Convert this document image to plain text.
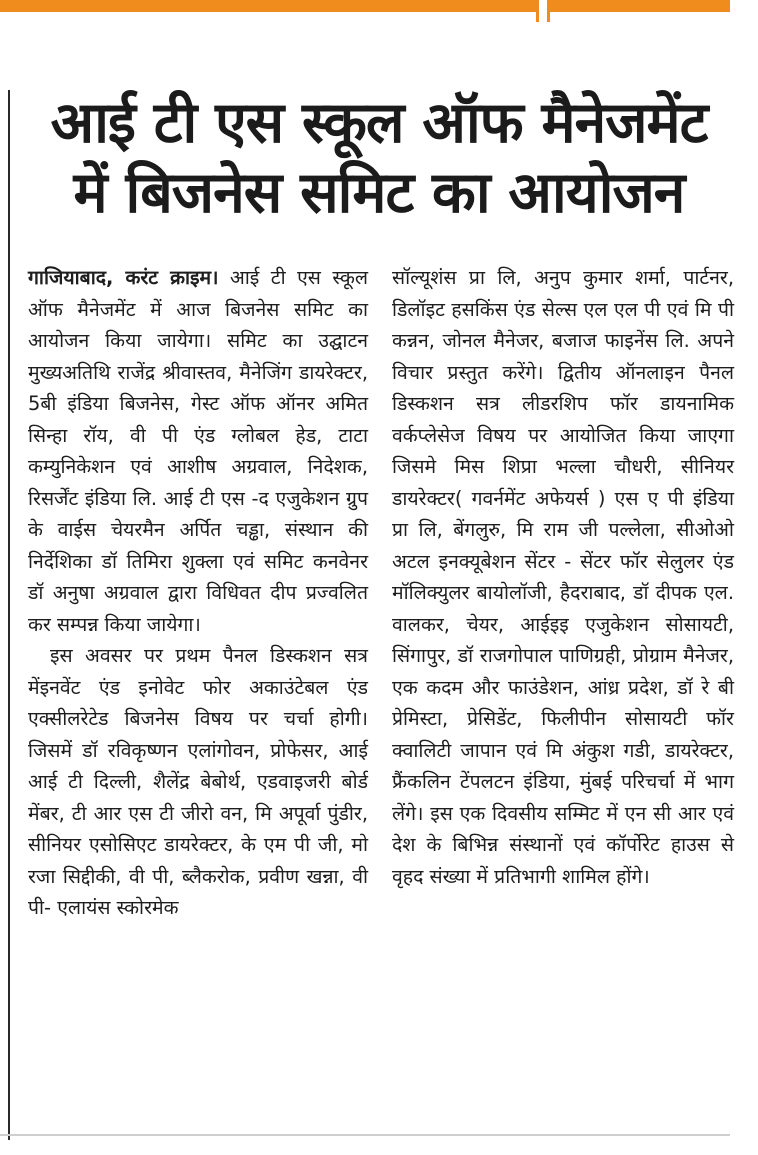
आई टी एस स्कूल ऑफ मैनेजमेंट
में बिजनेस समिट का आयोजन

गाजियाबाद, करंट क्राइम। आई टी एस स्कूल ऑफ मैनेजमेंट में आज बिजनेस समिट का आयोजन किया जायेगा। समिट का उद्घाटन मुख्यअतिथि राजेंद्र श्रीवास्तव, मैनेजिंग डायरेक्टर, 5बी इंडिया बिजनेस, गेस्ट ऑफ ऑनर अमित सिन्हा रॉय, वी पी एंड ग्लोबल हेड, टाटा कम्युनिकेशन एवं आशीष अग्रवाल, निदेशक, रिसर्जेंट इंडिया लि. आई टी एस -द एजुकेशन ग्रुप के वाईस चेयरमैन अर्पित चड्ढा, संस्थान की निर्देशिका डॉ तिमिरा शुक्ला एवं समिट कनवेनर डॉ अनुषा अग्रवाल द्वारा विधिवत दीप प्रज्वलित कर सम्पन्न किया जायेगा।

इस अवसर पर प्रथम पैनल डिस्कशन सत्र मेंइनवेंट एंड इनोवेट फोर अकाउंटेबल एंड एक्सीलरेटेड बिजनेस विषय पर चर्चा होगी। जिसमें डॉ रविकृष्णन एलांगोवन, प्रोफेसर, आई आई टी दिल्ली, शैलेंद्र बेबोर्थ, एडवाइजरी बोर्ड मेंबर, टी आर एस टी जीरो वन, मि अपूर्वा पुंडीर, सीनियर एसोसिएट डायरेक्टर, के एम पी जी, मो रजा सिद्दीकी, वी पी, ब्लैकरोक, प्रवीण खन्ना, वी पी- एलायंस स्कोरमेक

सॉल्यूशंस प्रा लि, अनुप कुमार शर्मा, पार्टनर, डिलॉइट हसकिंस एंड सेल्स एल एल पी एवं मि पी कन्नन, जोनल मैनेजर, बजाज फाइनेंस लि. अपने विचार प्रस्तुत करेंगे। द्वितीय ऑनलाइन पैनल डिस्कशन सत्र लीडरशिप फॉर डायनामिक वर्कप्लेसेज विषय पर आयोजित किया जाएगा जिसमे मिस शिप्रा भल्ला चौधरी, सीनियर डायरेक्टर( गवर्नमेंट अफेयर्स ) एस ए पी इंडिया प्रा लि, बेंगलुरु, मि राम जी पल्लेला, सीओओ अटल इनक्यूबेशन सेंटर - सेंटर फॉर सेलुलर एंड मॉलिक्युलर बायोलॉजी, हैदराबाद, डॉ दीपक एल. वालकर, चेयर, आईइइ एजुकेशन सोसायटी, सिंगापुर, डॉ राजगोपाल पाणिग्रही, प्रोग्राम मैनेजर, एक कदम और फाउंडेशन, आंध्र प्रदेश, डॉ रे बी प्रेमिस्टा, प्रेसिडेंट, फिलीपीन सोसायटी फॉर क्वालिटी जापान एवं मि अंकुश गडी, डायरेक्टर, फ्रैंकलिन टेंपलटन इंडिया, मुंबई परिचर्चा में भाग लेंगे। इस एक दिवसीय सम्मिट में एन सी आर एवं देश के बिभिन्न संस्थानों एवं कॉर्पोरेट हाउस से वृहद संख्या में प्रतिभागी शामिल होंगे।
